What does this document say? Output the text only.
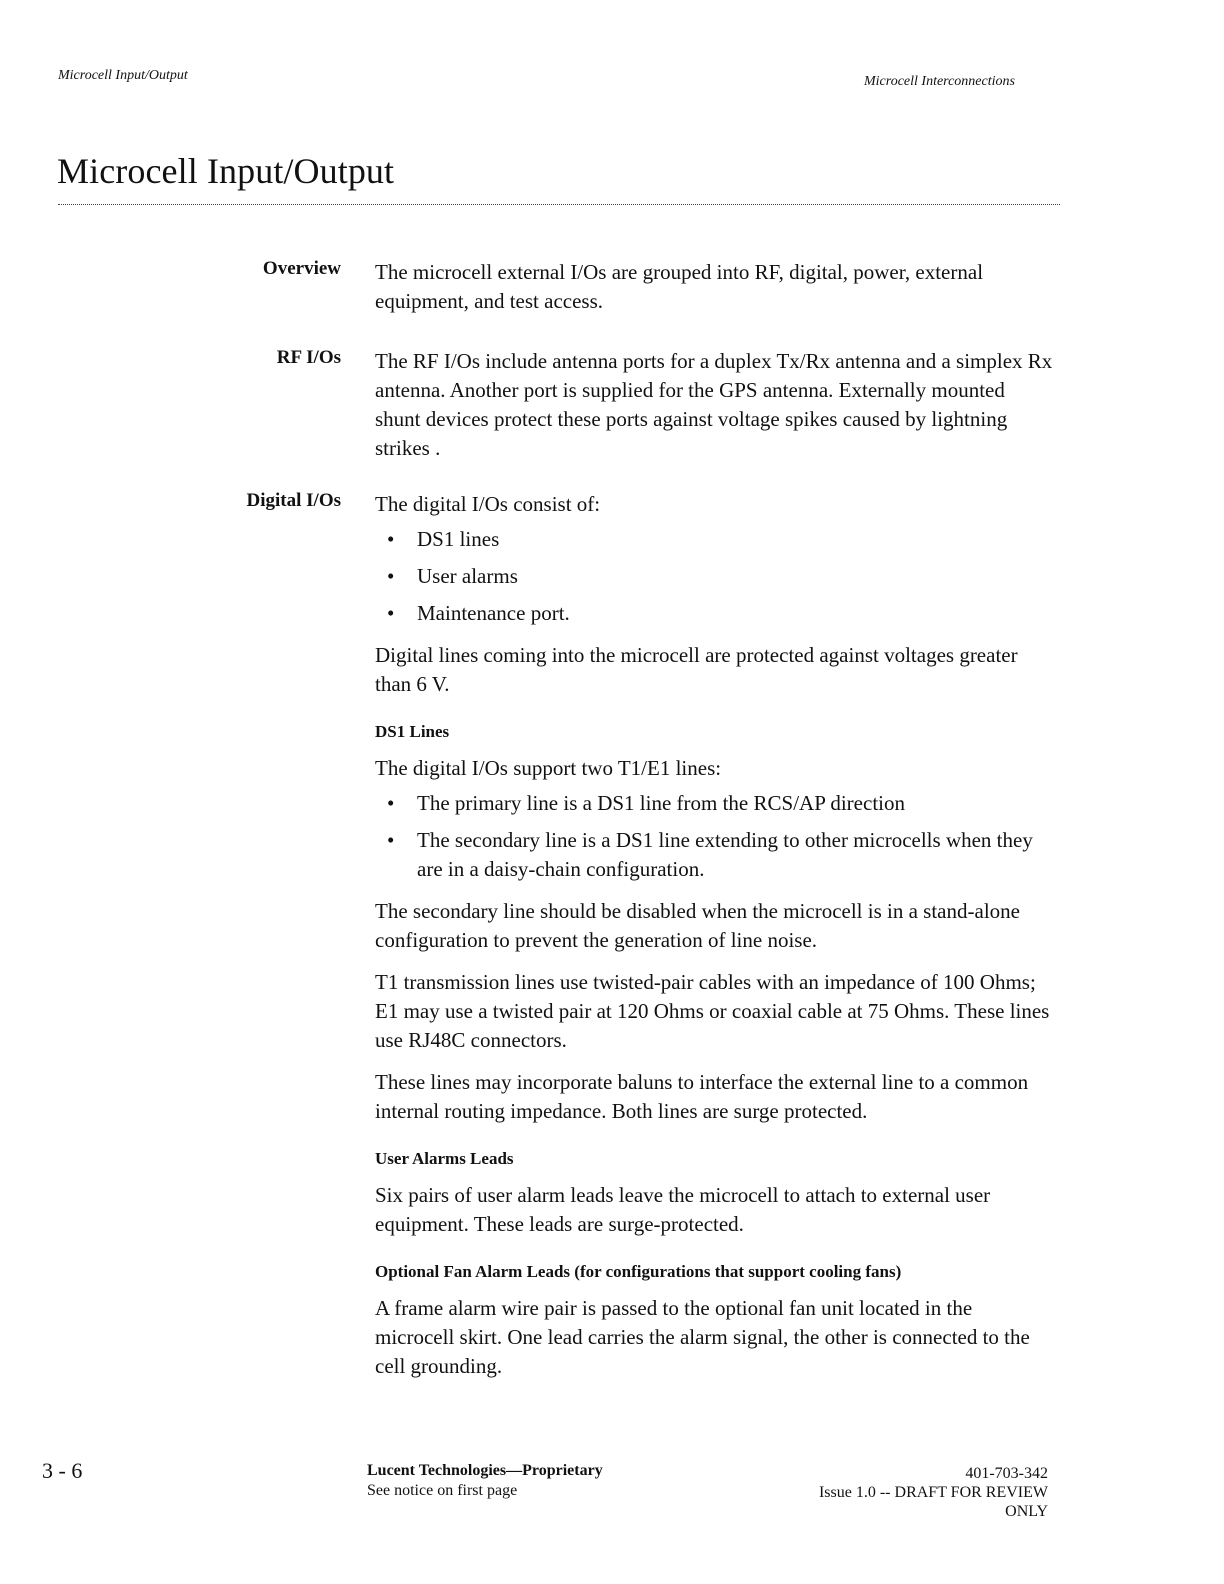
Microcell Input/Output	Microcell Interconnections
Microcell Input/Output
Overview The microcell external I/Os are grouped into RF, digital, power, external equipment, and test access.

RF I/Os The RF I/Os include antenna ports for a duplex Tx/Rx antenna and a simplex Rx antenna. Another port is supplied for the GPS antenna. Externally mounted shunt devices protect these ports against voltage spikes caused by lightning strikes .

Digital I/Os The digital I/Os consist of:

• DS1 lines
• User alarms
• Maintenance port.

Digital lines coming into the microcell are protected against voltages greater than 6 V.

DS1 Lines

The digital I/Os support two T1/E1 lines:

• The primary line is a DS1 line from the RCS/AP direction
• The secondary line is a DS1 line extending to other microcells when they are in a daisy-chain configuration.

The secondary line should be disabled when the microcell is in a stand-alone configuration to prevent the generation of line noise.

T1 transmission lines use twisted-pair cables with an impedance of 100 Ohms; E1 may use a twisted pair at 120 Ohms or coaxial cable at 75 Ohms. These lines use RJ48C connectors.

These lines may incorporate baluns to interface the external line to a common internal routing impedance. Both lines are surge protected.

User Alarms Leads

Six pairs of user alarm leads leave the microcell to attach to external user equipment. These leads are surge-protected.

Optional Fan Alarm Leads (for configurations that support cooling fans)

A frame alarm wire pair is passed to the optional fan unit located in the microcell skirt. One lead carries the alarm signal, the other is connected to the cell grounding.

3 - 6	Lucent Technologies—Proprietary
See notice on first page
401-703-342
Issue 1.0 -- DRAFT FOR REVIEW
ONLY
